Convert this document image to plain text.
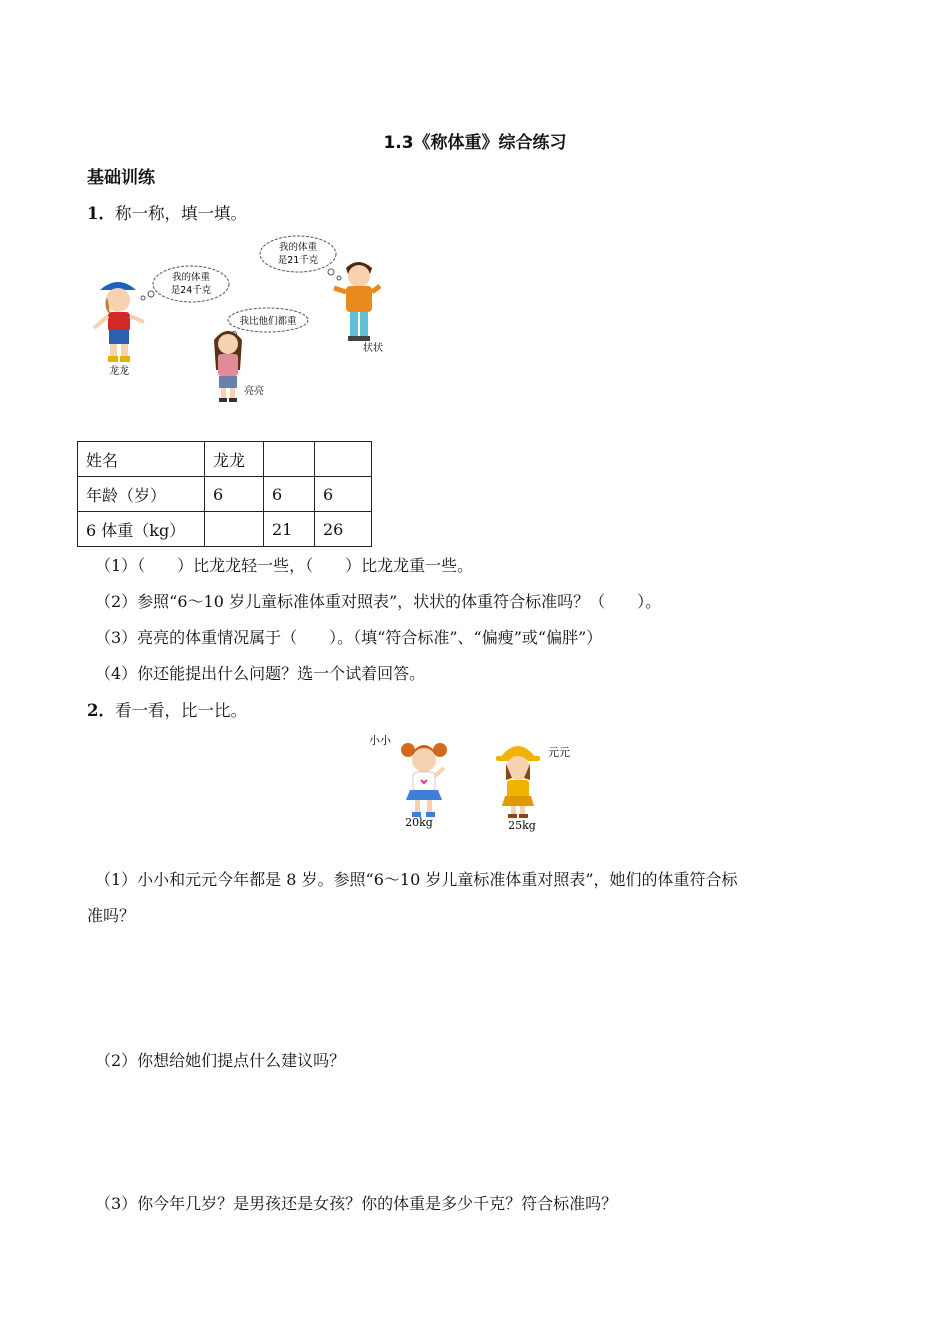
1.3《称体重》综合练习
基础训练
1．称一称，填一填。
我的体重
是21千克
我的体重
是24千克
我比他们都重
龙龙
亮亮
状状
姓名	龙龙		
年龄（岁）	6	6	6
6 体重（kg）		21	26
（1）（　　）比龙龙轻一些，（　　）比龙龙重一些。
（2）参照“6～10 岁儿童标准体重对照表”，状状的体重符合标准吗？（　　）。
（3）亮亮的体重情况属于（　　）。（填“符合标准”、“偏瘦”或“偏胖”）
（4）你还能提出什么问题？选一个试着回答。
2．看一看，比一比。
小小
20kg
元元
25kg
（1）小小和元元今年都是 8 岁。参照“6～10 岁儿童标准体重对照表”，她们的体重符合标
准吗？
（2）你想给她们提点什么建议吗？
（3）你今年几岁？是男孩还是女孩？你的体重是多少千克？符合标准吗？
